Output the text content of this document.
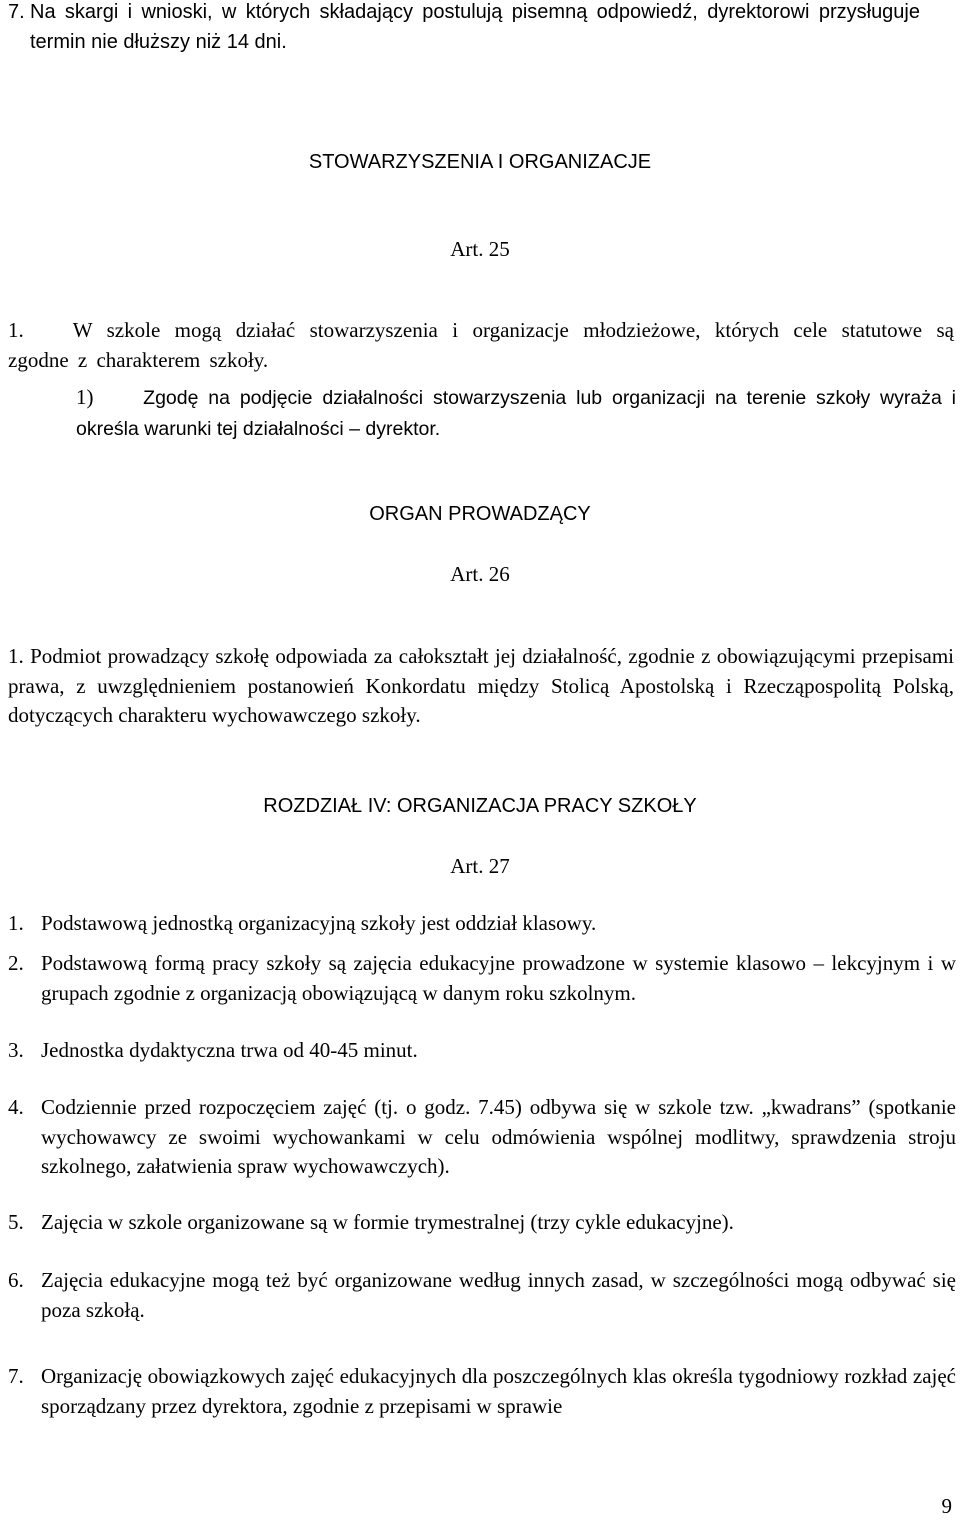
7. Na skargi i wnioski, w których składający postulują pisemną odpowiedź, dyrektorowi przysługuje termin nie dłuższy niż 14 dni.
STOWARZYSZENIA I ORGANIZACJE
Art. 25
1.	W szkole mogą działać stowarzyszenia i organizacje młodzieżowe, których cele statutowe są zgodne z charakterem szkoły.
1)	Zgodę na podjęcie działalności stowarzyszenia lub organizacji na terenie szkoły wyraża i określa warunki tej działalności – dyrektor.
ORGAN PROWADZĄCY
Art. 26
1. Podmiot prowadzący szkołę odpowiada za całokształt jej działalność, zgodnie z obowiązującymi przepisami prawa, z uwzględnieniem postanowień Konkordatu między Stolicą Apostolską i Rzecząpospolitą Polską, dotyczących charakteru wychowawczego szkoły.
ROZDZIAŁ IV: ORGANIZACJA PRACY SZKOŁY
Art. 27
1. Podstawową jednostką organizacyjną szkoły jest oddział klasowy.
2. Podstawową formą pracy szkoły są zajęcia edukacyjne prowadzone w systemie klasowo – lekcyjnym i w grupach zgodnie z organizacją obowiązującą w danym roku szkolnym.
3. Jednostka dydaktyczna trwa od 40-45 minut.
4. Codziennie przed rozpoczęciem zajęć (tj. o godz. 7.45) odbywa się w szkole tzw. „kwadrans” (spotkanie wychowawcy ze swoimi wychowankami w celu odmówienia wspólnej modlitwy, sprawdzenia stroju szkolnego, załatwienia spraw wychowawczych).
5. Zajęcia w szkole organizowane są w formie trymestralnej (trzy cykle edukacyjne).
6. Zajęcia edukacyjne mogą też być organizowane według innych zasad, w szczególności mogą odbywać się poza szkołą.
7. Organizację obowiązkowych zajęć edukacyjnych dla poszczególnych klas określa tygodniowy rozkład zajęć sporządzany przez dyrektora, zgodnie z przepisami w sprawie
9
